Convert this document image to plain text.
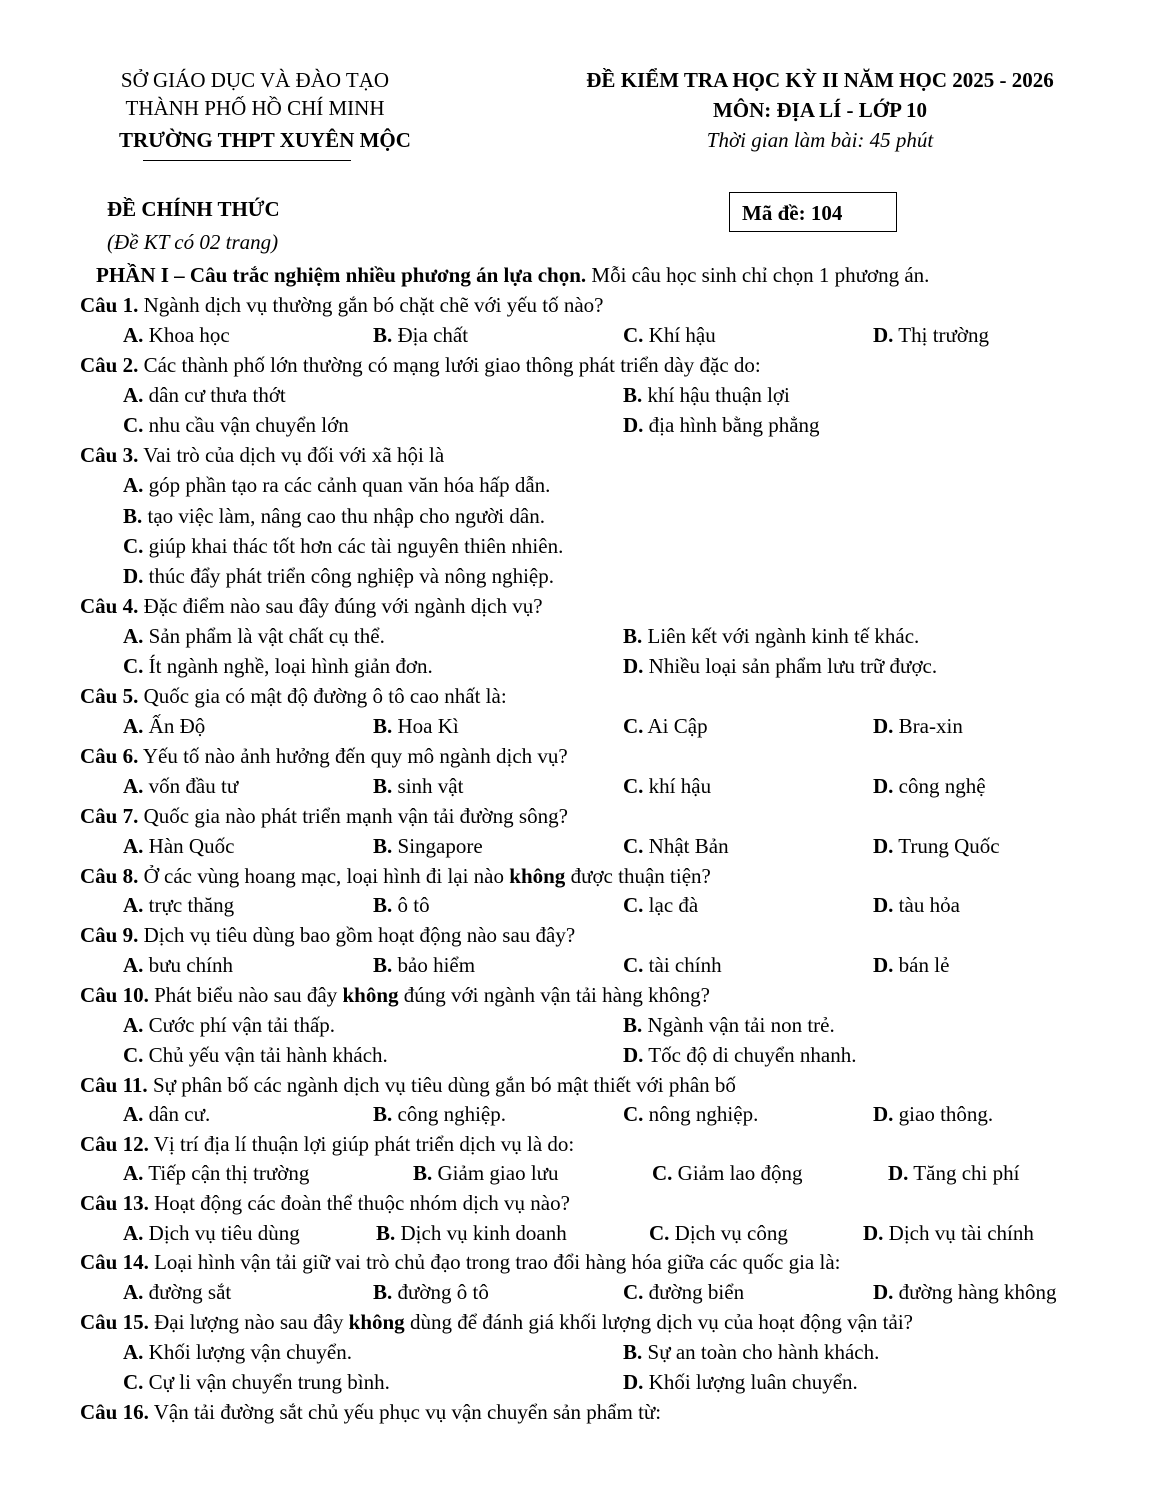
SỞ GIÁO DỤC VÀ ĐÀO TẠO
THÀNH PHỐ HỒ CHÍ MINH
TRƯỜNG THPT XUYÊN MỘC
ĐỀ KIỂM TRA HỌC KỲ II NĂM HỌC 2025 - 2026
MÔN: ĐỊA LÍ - LỚP 10
Thời gian làm bài: 45 phút
ĐỀ CHÍNH THỨC
(Đề KT có 02 trang)
Mã đề: 104
PHẦN I – Câu trắc nghiệm nhiều phương án lựa chọn. Mỗi câu học sinh chỉ chọn 1 phương án.
Câu 1. Ngành dịch vụ thường gắn bó chặt chẽ với yếu tố nào?
A. Khoa học	B. Địa chất	C. Khí hậu	D. Thị trường
Câu 2. Các thành phố lớn thường có mạng lưới giao thông phát triển dày đặc do:
A. dân cư thưa thớt	B. khí hậu thuận lợi
C. nhu cầu vận chuyển lớn	D. địa hình bằng phẳng
Câu 3. Vai trò của dịch vụ đối với xã hội là
A. góp phần tạo ra các cảnh quan văn hóa hấp dẫn.
B. tạo việc làm, nâng cao thu nhập cho người dân.
C. giúp khai thác tốt hơn các tài nguyên thiên nhiên.
D. thúc đẩy phát triển công nghiệp và nông nghiệp.
Câu 4. Đặc điểm nào sau đây đúng với ngành dịch vụ?
A. Sản phẩm là vật chất cụ thể.	B. Liên kết với ngành kinh tế khác.
C. Ít ngành nghề, loại hình giản đơn.	D. Nhiều loại sản phẩm lưu trữ được.
Câu 5. Quốc gia có mật độ đường ô tô cao nhất là:
A. Ấn Độ	B. Hoa Kì	C. Ai Cập	D. Bra-xin
Câu 6. Yếu tố nào ảnh hưởng đến quy mô ngành dịch vụ?
A. vốn đầu tư	B. sinh vật	C. khí hậu	D. công nghệ
Câu 7. Quốc gia nào phát triển mạnh vận tải đường sông?
A. Hàn Quốc	B. Singapore	C. Nhật Bản	D. Trung Quốc
Câu 8. Ở các vùng hoang mạc, loại hình đi lại nào không được thuận tiện?
A. trực thăng	B. ô tô	C. lạc đà	D. tàu hỏa
Câu 9. Dịch vụ tiêu dùng bao gồm hoạt động nào sau đây?
A. bưu chính	B. bảo hiểm	C. tài chính	D. bán lẻ
Câu 10. Phát biểu nào sau đây không đúng với ngành vận tải hàng không?
A. Cước phí vận tải thấp.	B. Ngành vận tải non trẻ.
C. Chủ yếu vận tải hành khách.	D. Tốc độ di chuyển nhanh.
Câu 11. Sự phân bố các ngành dịch vụ tiêu dùng gắn bó mật thiết với phân bố
A. dân cư.	B. công nghiệp.	C. nông nghiệp.	D. giao thông.
Câu 12. Vị trí địa lí thuận lợi giúp phát triển dịch vụ là do:
A. Tiếp cận thị trường	B. Giảm giao lưu	C. Giảm lao động	D. Tăng chi phí
Câu 13. Hoạt động các đoàn thể thuộc nhóm dịch vụ nào?
A. Dịch vụ tiêu dùng	B. Dịch vụ kinh doanh	C. Dịch vụ công	D. Dịch vụ tài chính
Câu 14. Loại hình vận tải giữ vai trò chủ đạo trong trao đổi hàng hóa giữa các quốc gia là:
A. đường sắt	B. đường ô tô	C. đường biển	D. đường hàng không
Câu 15. Đại lượng nào sau đây không dùng để đánh giá khối lượng dịch vụ của hoạt động vận tải?
A. Khối lượng vận chuyển.	B. Sự an toàn cho hành khách.
C. Cự li vận chuyển trung bình.	D. Khối lượng luân chuyển.
Câu 16. Vận tải đường sắt chủ yếu phục vụ vận chuyển sản phẩm từ:
